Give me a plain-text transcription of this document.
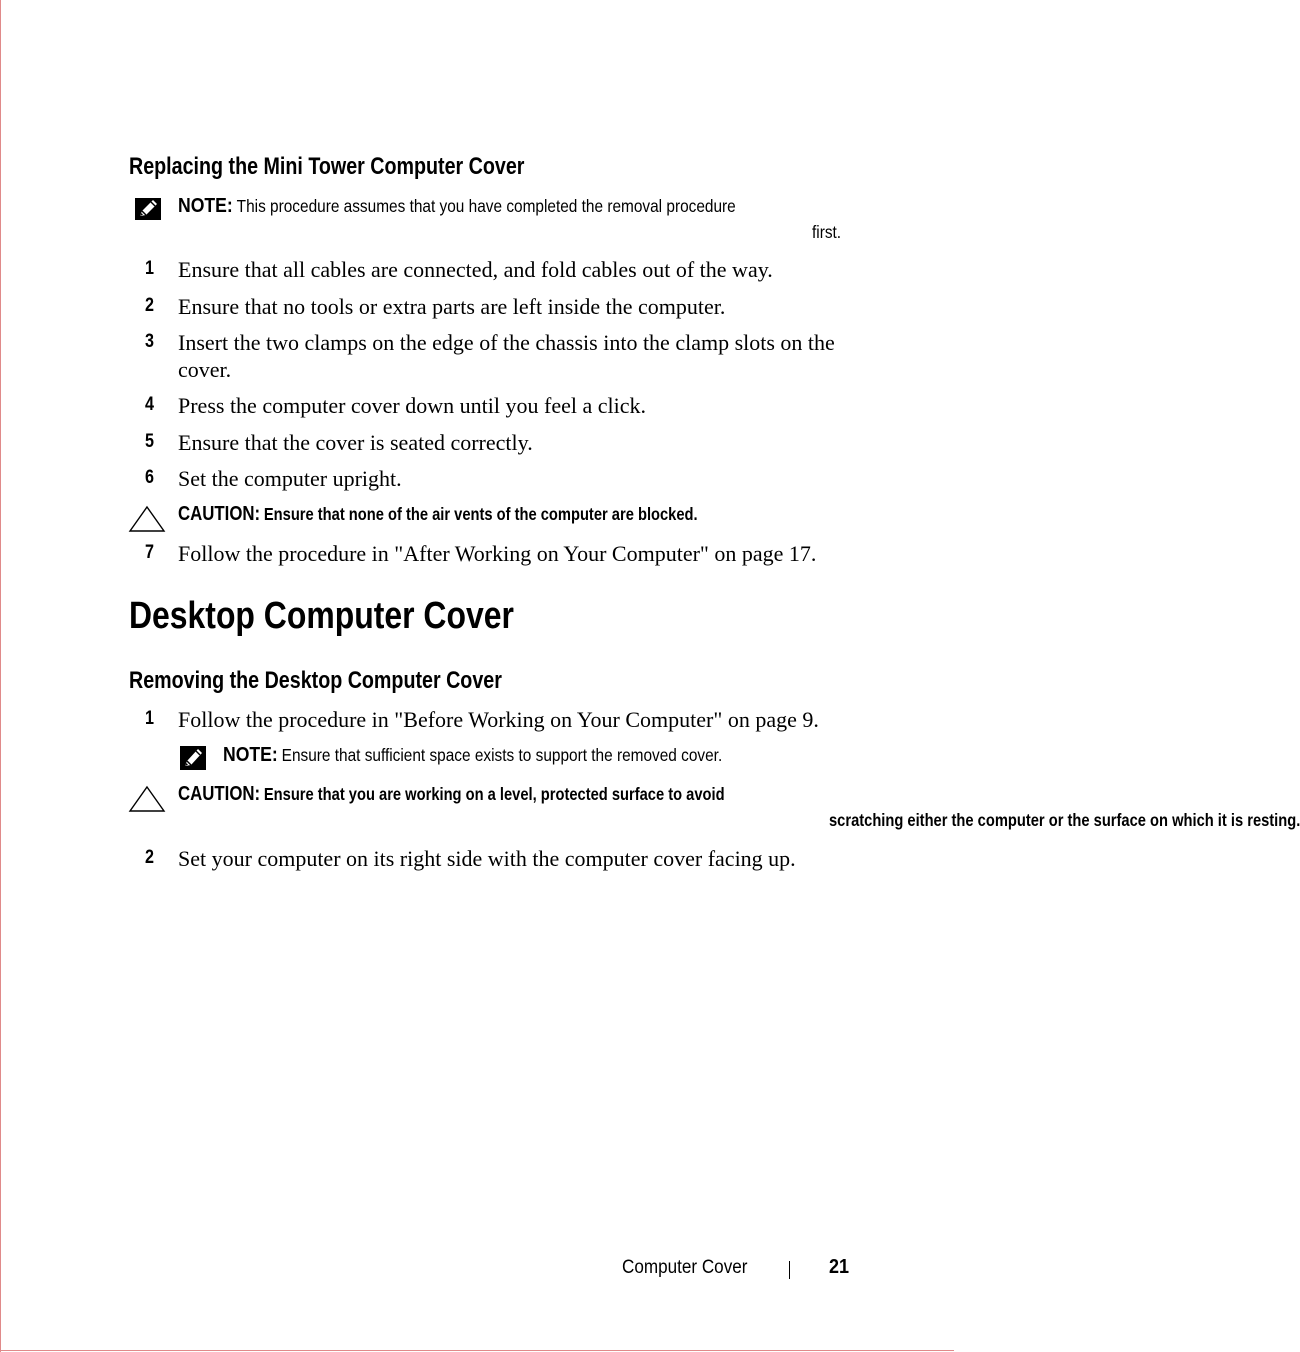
Replacing the Mini Tower Computer Cover
NOTE: This procedure assumes that you have completed the removal procedure
first.
1 Ensure that all cables are connected, and fold cables out of the way.
2 Ensure that no tools or extra parts are left inside the computer.
3 Insert the two clamps on the edge of the chassis into the clamp slots on the
cover.
4 Press the computer cover down until you feel a click.
5 Ensure that the cover is seated correctly.
6 Set the computer upright.
CAUTION: Ensure that none of the air vents of the computer are blocked.
7 Follow the procedure in "After Working on Your Computer" on page 17.
Desktop Computer Cover
Removing the Desktop Computer Cover
1 Follow the procedure in "Before Working on Your Computer" on page 9.
NOTE: Ensure that sufficient space exists to support the removed cover.
CAUTION: Ensure that you are working on a level, protected surface to avoid
scratching either the computer or the surface on which it is resting.
2 Set your computer on its right side with the computer cover facing up.
Computer Cover	21
